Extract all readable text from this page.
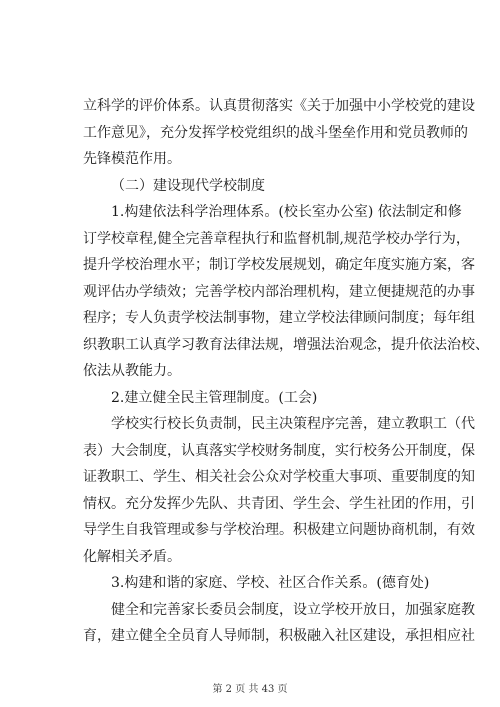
立科学的评价体系。认真贯彻落实《关于加强中小学校党的建设
工作意见》，充分发挥学校党组织的战斗堡垒作用和党员教师的
先锋模范作用。
（二）建设现代学校制度
1.构建依法科学治理体系。(校长室办公室) 依法制定和修
订学校章程,健全完善章程执行和监督机制,规范学校办学行为，
提升学校治理水平；制订学校发展规划，确定年度实施方案，客
观评估办学绩效；完善学校内部治理机构，建立便捷规范的办事
程序；专人负责学校法制事物，建立学校法律顾问制度；每年组
织教职工认真学习教育法律法规，增强法治观念，提升依法治校、
依法从教能力。
2.建立健全民主管理制度。(工会)
学校实行校长负责制，民主决策程序完善，建立教职工（代
表）大会制度，认真落实学校财务制度，实行校务公开制度，保
证教职工、学生、相关社会公众对学校重大事项、重要制度的知
情权。充分发挥少先队、共青团、学生会、学生社团的作用，引
导学生自我管理或参与学校治理。积极建立问题协商机制，有效
化解相关矛盾。
3.构建和谐的家庭、学校、社区合作关系。(德育处)
健全和完善家长委员会制度，设立学校开放日，加强家庭教
育，建立健全全员育人导师制，积极融入社区建设，承担相应社
第 2 页 共 43 页
